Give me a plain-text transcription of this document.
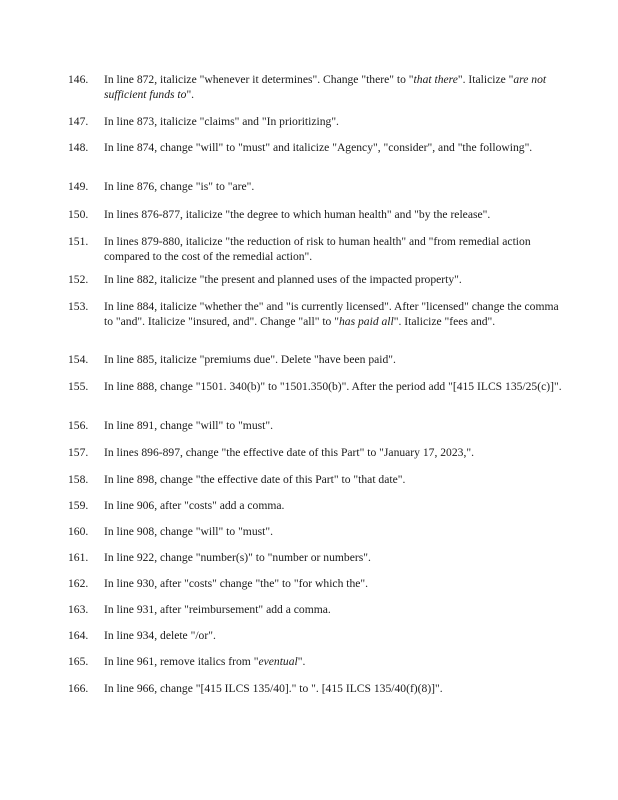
146.	In line 872, italicize "whenever it determines". Change "there" to "that there". Italicize "are not sufficient funds to".
147.	In line 873, italicize "claims" and "In prioritizing".
148.	In line 874, change "will" to "must" and italicize "Agency", "consider", and "the following".
149.	In line 876, change "is" to "are".
150.	In lines 876-877, italicize "the degree to which human health" and "by the release".
151.	In lines 879-880, italicize "the reduction of risk to human health" and "from remedial action compared to the cost of the remedial action".
152.	In line 882, italicize "the present and planned uses of the impacted property".
153.	In line 884, italicize "whether the" and "is currently licensed". After "licensed" change the comma to "and". Italicize "insured, and". Change "all" to "has paid all". Italicize "fees and".
154.	In line 885, italicize "premiums due". Delete "have been paid".
155.	In line 888, change "1501. 340(b)" to "1501.350(b)". After the period add "[415 ILCS 135/25(c)]".
156.	In line 891, change "will" to "must".
157.	In lines 896-897, change "the effective date of this Part" to "January 17, 2023,".
158.	In line 898, change "the effective date of this Part" to "that date".
159.	In line 906, after "costs" add a comma.
160.	In line 908, change "will" to "must".
161.	In line 922, change "number(s)" to "number or numbers".
162.	In line 930, after "costs" change "the" to "for which the".
163.	In line 931, after "reimbursement" add a comma.
164.	In line 934, delete "/or".
165.	In line 961, remove italics from "eventual".
166.	In line 966, change "[415 ILCS 135/40]." to ". [415 ILCS 135/40(f)(8)]".
